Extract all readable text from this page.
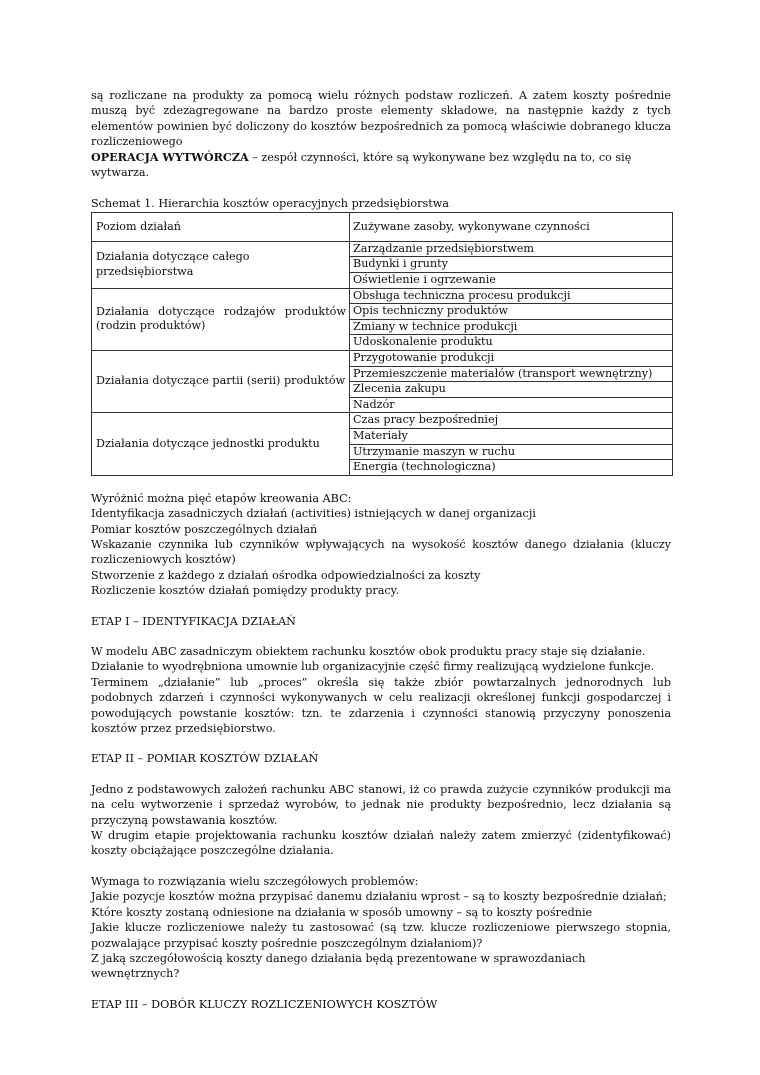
są rozliczane na produkty za pomocą wielu różnych podstaw rozliczeń. A zatem koszty pośrednie muszą być zdezagregowane na bardzo proste elementy składowe, na następnie każdy z tych elementów powinien być doliczony do kosztów bezpośrednich za pomocą właściwie dobranego klucza rozliczeniowego

OPERACJA WYTWÓRCZA – zespół czynności, które są wykonywane bez względu na to, co się wytwarza.

Schemat 1. Hierarchia kosztów operacyjnych przedsiębiorstwa

Poziom działań	Zużywane zasoby, wykonywane czynności
Działania dotyczące całego przedsiębiorstwa	Zarządzanie przedsiębiorstwem
	Budynki i grunty
	Oświetlenie i ogrzewanie
Działania dotyczące rodzajów produktów (rodzin produktów)	Obsługa techniczna procesu produkcji
	Opis techniczny produktów
	Zmiany w technice produkcji
	Udoskonalenie produktu
Działania dotyczące partii (serii) produktów	Przygotowanie produkcji
	Przemieszczenie materiałów (transport wewnętrzny)
	Zlecenia zakupu
	Nadzór
Działania dotyczące jednostki produktu	Czas pracy bezpośredniej
	Materiały
	Utrzymanie maszyn w ruchu
	Energia (technologiczna)

Wyróżnić można pięć etapów kreowania ABC:

Identyfikacja zasadniczych działań (activities) istniejących w danej organizacji

Pomiar kosztów poszczególnych działań

Wskazanie czynnika lub czynników wpływających na wysokość kosztów danego działania (kluczy rozliczeniowych kosztów)

Stworzenie z każdego z działań ośrodka odpowiedzialności za koszty

Rozliczenie kosztów działań pomiędzy produkty pracy.

ETAP I – IDENTYFIKACJA DZIAŁAŃ

W modelu ABC zasadniczym obiektem rachunku kosztów obok produktu pracy staje się działanie.

Działanie to wyodrębniona umownie lub organizacyjnie część firmy realizującą wydzielone funkcje.

Terminem „działanie” lub „proces” określa się także zbiór powtarzalnych jednorodnych lub podobnych zdarzeń i czynności wykonywanych w celu realizacji określonej funkcji gospodarczej i powodujących powstanie kosztów: tzn. te zdarzenia i czynności stanowią przyczyny ponoszenia kosztów przez przedsiębiorstwo.

ETAP II – POMIAR KOSZTÓW DZIAŁAŃ

Jedno z podstawowych założeń rachunku ABC stanowi, iż co prawda zużycie czynników produkcji ma na celu wytworzenie i sprzedaż wyrobów, to jednak nie produkty bezpośrednio, lecz działania są przyczyną powstawania kosztów.

W drugim etapie projektowania rachunku kosztów działań należy zatem zmierzyć (zidentyfikować) koszty obciążające poszczególne działania.

Wymaga to rozwiązania wielu szczegółowych problemów:

Jakie pozycje kosztów można przypisać danemu działaniu wprost – są to koszty bezpośrednie działań;

Które koszty zostaną odniesione na działania w sposób umowny – są to koszty pośrednie

Jakie klucze rozliczeniowe należy tu zastosować (są tzw. klucze rozliczeniowe pierwszego stopnia, pozwalające przypisać koszty pośrednie poszczególnym działaniom)?

Z jaką szczegółowością koszty danego działania będą prezentowane w sprawozdaniach wewnętrznych?

ETAP III – DOBÓR KLUCZY ROZLICZENIOWYCH KOSZTÓW
